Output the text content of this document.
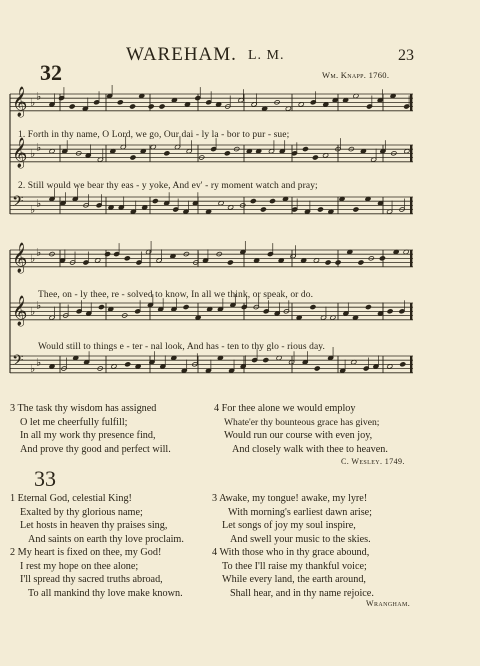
32
WAREHAM. L. M.	23
Wm. Knapp. 1760.
𝄞
𝄞
𝄢
♭ ♭
♭ ♭
♭ ♭
𝄞
𝄞
𝄢
♭ ♭
♭ ♭
♭ ♭
1. Forth in thy name, O Lord, we go, Our dai - ly la - bor to pur - sue;
2. Still would we bear thy eas - y yoke, And ev' - ry moment watch and pray;
Thee, on - ly thee, re - solved to know, In all we think, or speak, or do.
Would still to things e - ter - nal look, And has - ten to thy glo - rious day.
3 The task thy wisdom has assigned
O let me cheerfully fulfill;
In all my work thy presence find,
And prove thy good and perfect will.
4 For thee alone we would employ
Whate'er thy bounteous grace has given;
Would run our course with even joy,
And closely walk with thee to heaven.
C. Wesley. 1749.
33
1 Eternal God, celestial King!
Exalted by thy glorious name;
Let hosts in heaven thy praises sing,
And saints on earth thy love proclaim.
2 My heart is fixed on thee, my God!
I rest my hope on thee alone;
I'll spread thy sacred truths abroad,
To all mankind thy love make known.
3 Awake, my tongue! awake, my lyre!
With morning's earliest dawn arise;
Let songs of joy my soul inspire,
And swell your music to the skies.
4 With those who in thy grace abound,
To thee I'll raise my thankful voice;
While every land, the earth around,
Shall hear, and in thy name rejoice.
Wrangham.
